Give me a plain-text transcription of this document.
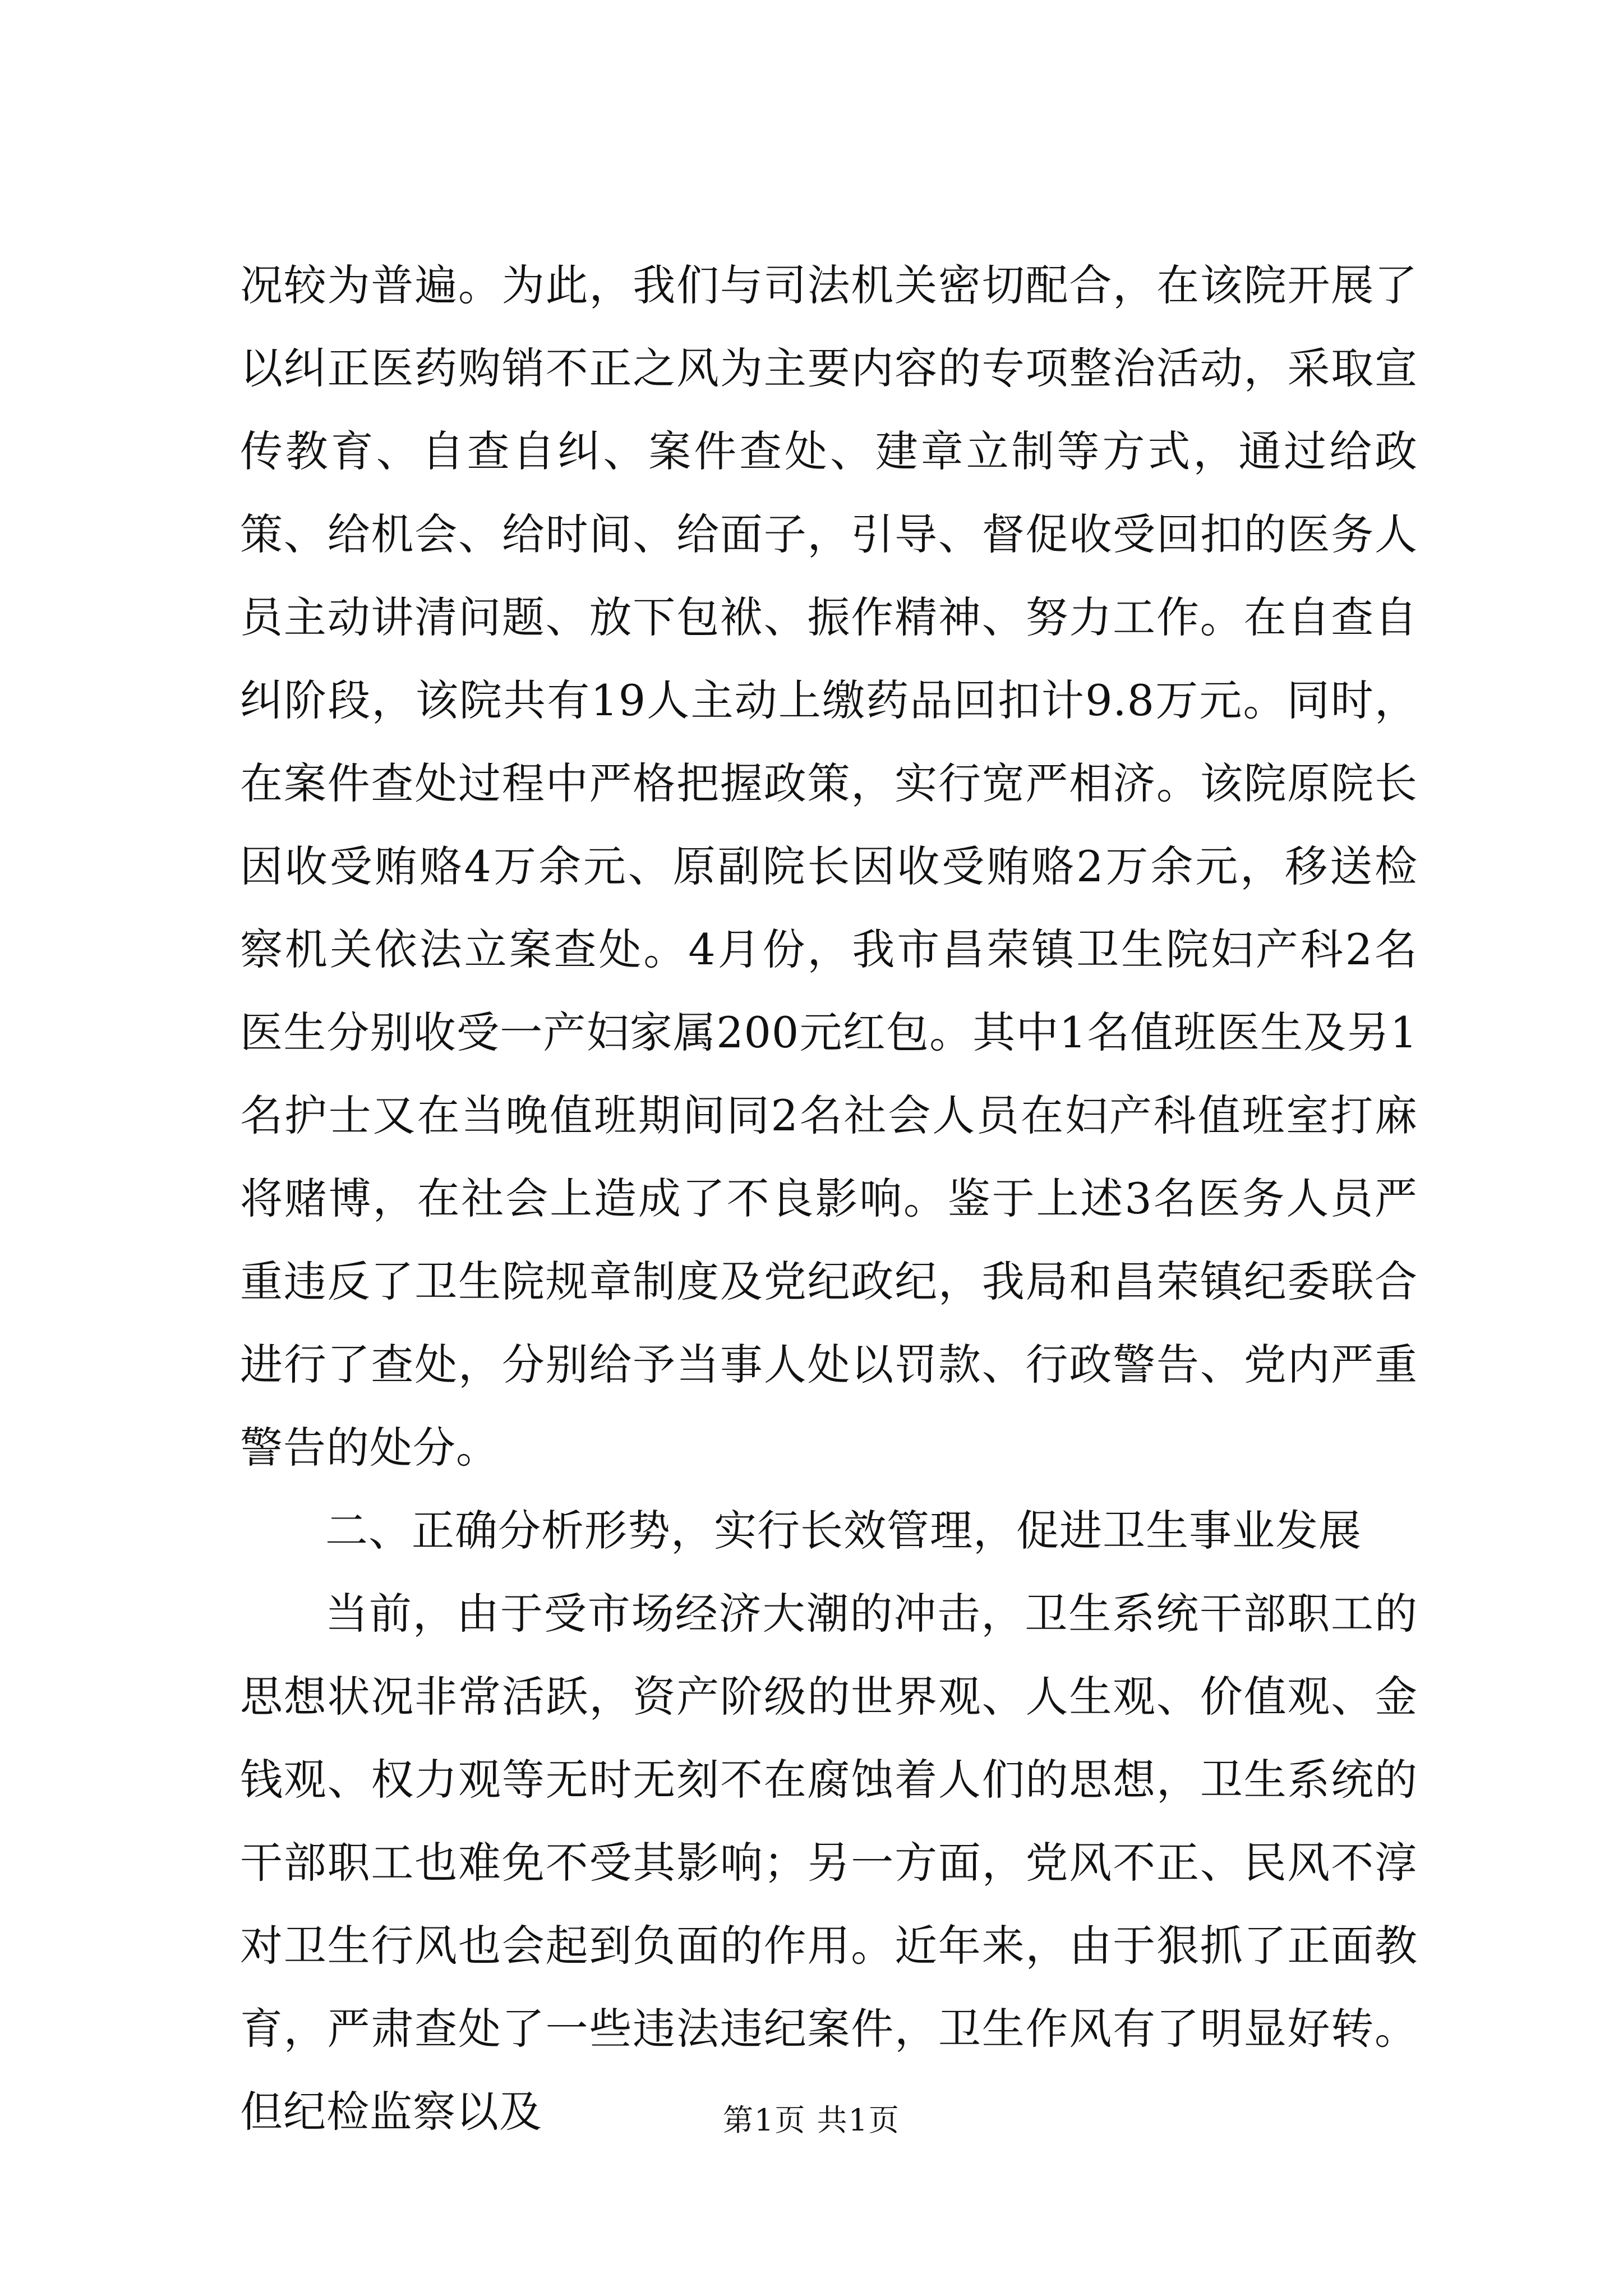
况较为普遍。为此，我们与司法机关密切配合，在该院开展了以纠正医药购销不正之风为主要内容的专项整治活动，采取宣传教育、自查自纠、案件查处、建章立制等方式，通过给政策、给机会、给时间、给面子，引导、督促收受回扣的医务人员主动讲清问题、放下包袱、振作精神、努力工作。在自查自纠阶段，该院共有19人主动上缴药品回扣计9.8万元。同时，在案件查处过程中严格把握政策，实行宽严相济。该院原院长因收受贿赂4万余元、原副院长因收受贿赂2万余元，移送检察机关依法立案查处。4月份，我市昌荣镇卫生院妇产科2名医生分别收受一产妇家属200元红包。其中1名值班医生及另1名护士又在当晚值班期间同2名社会人员在妇产科值班室打麻将赌博，在社会上造成了不良影响。鉴于上述3名医务人员严重违反了卫生院规章制度及党纪政纪，我局和昌荣镇纪委联合进行了查处，分别给予当事人处以罚款、行政警告、党内严重警告的处分。

二、正确分析形势，实行长效管理，促进卫生事业发展

当前，由于受市场经济大潮的冲击，卫生系统干部职工的思想状况非常活跃，资产阶级的世界观、人生观、价值观、金钱观、权力观等无时无刻不在腐蚀着人们的思想，卫生系统的干部职工也难免不受其影响；另一方面，党风不正、民风不淳对卫生行风也会起到负面的作用。近年来，由于狠抓了正面教育，严肃查处了一些违法违纪案件，卫生作风有了明显好转。但纪检监察以及	第1页 共1页
